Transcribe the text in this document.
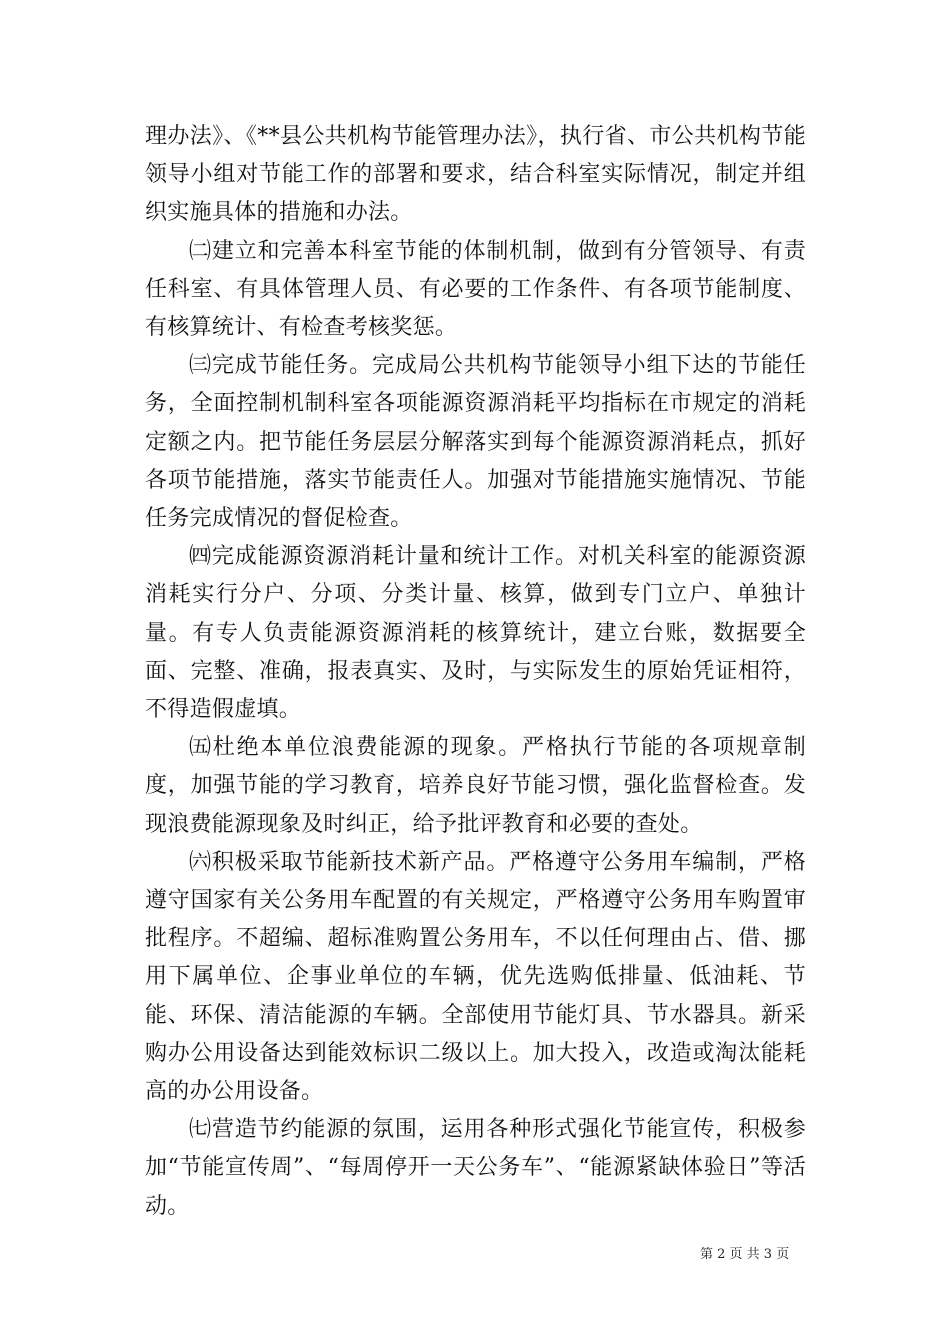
理办法》、《**县公共机构节能管理办法》，执行省、市公共机构节能领导小组对节能工作的部署和要求，结合科室实际情况，制定并组织实施具体的措施和办法。

㈡建立和完善本科室节能的体制机制，做到有分管领导、有责任科室、有具体管理人员、有必要的工作条件、有各项节能制度、有核算统计、有检查考核奖惩。

㈢完成节能任务。完成局公共机构节能领导小组下达的节能任务，全面控制机制科室各项能源资源消耗平均指标在市规定的消耗定额之内。把节能任务层层分解落实到每个能源资源消耗点，抓好各项节能措施，落实节能责任人。加强对节能措施实施情况、节能任务完成情况的督促检查。

㈣完成能源资源消耗计量和统计工作。对机关科室的能源资源消耗实行分户、分项、分类计量、核算，做到专门立户、单独计量。有专人负责能源资源消耗的核算统计，建立台账，数据要全面、完整、准确，报表真实、及时，与实际发生的原始凭证相符，不得造假虚填。

㈤杜绝本单位浪费能源的现象。严格执行节能的各项规章制度，加强节能的学习教育，培养良好节能习惯，强化监督检查。发现浪费能源现象及时纠正，给予批评教育和必要的查处。

㈥积极采取节能新技术新产品。严格遵守公务用车编制，严格遵守国家有关公务用车配置的有关规定，严格遵守公务用车购置审批程序。不超编、超标准购置公务用车，不以任何理由占、借、挪用下属单位、企事业单位的车辆，优先选购低排量、低油耗、节能、环保、清洁能源的车辆。全部使用节能灯具、节水器具。新采购办公用设备达到能效标识二级以上。加大投入，改造或淘汰能耗高的办公用设备。

㈦营造节约能源的氛围，运用各种形式强化节能宣传，积极参加“节能宣传周”、“每周停开一天公务车”、“能源紧缺体验日”等活动。

第 2 页 共 3 页
